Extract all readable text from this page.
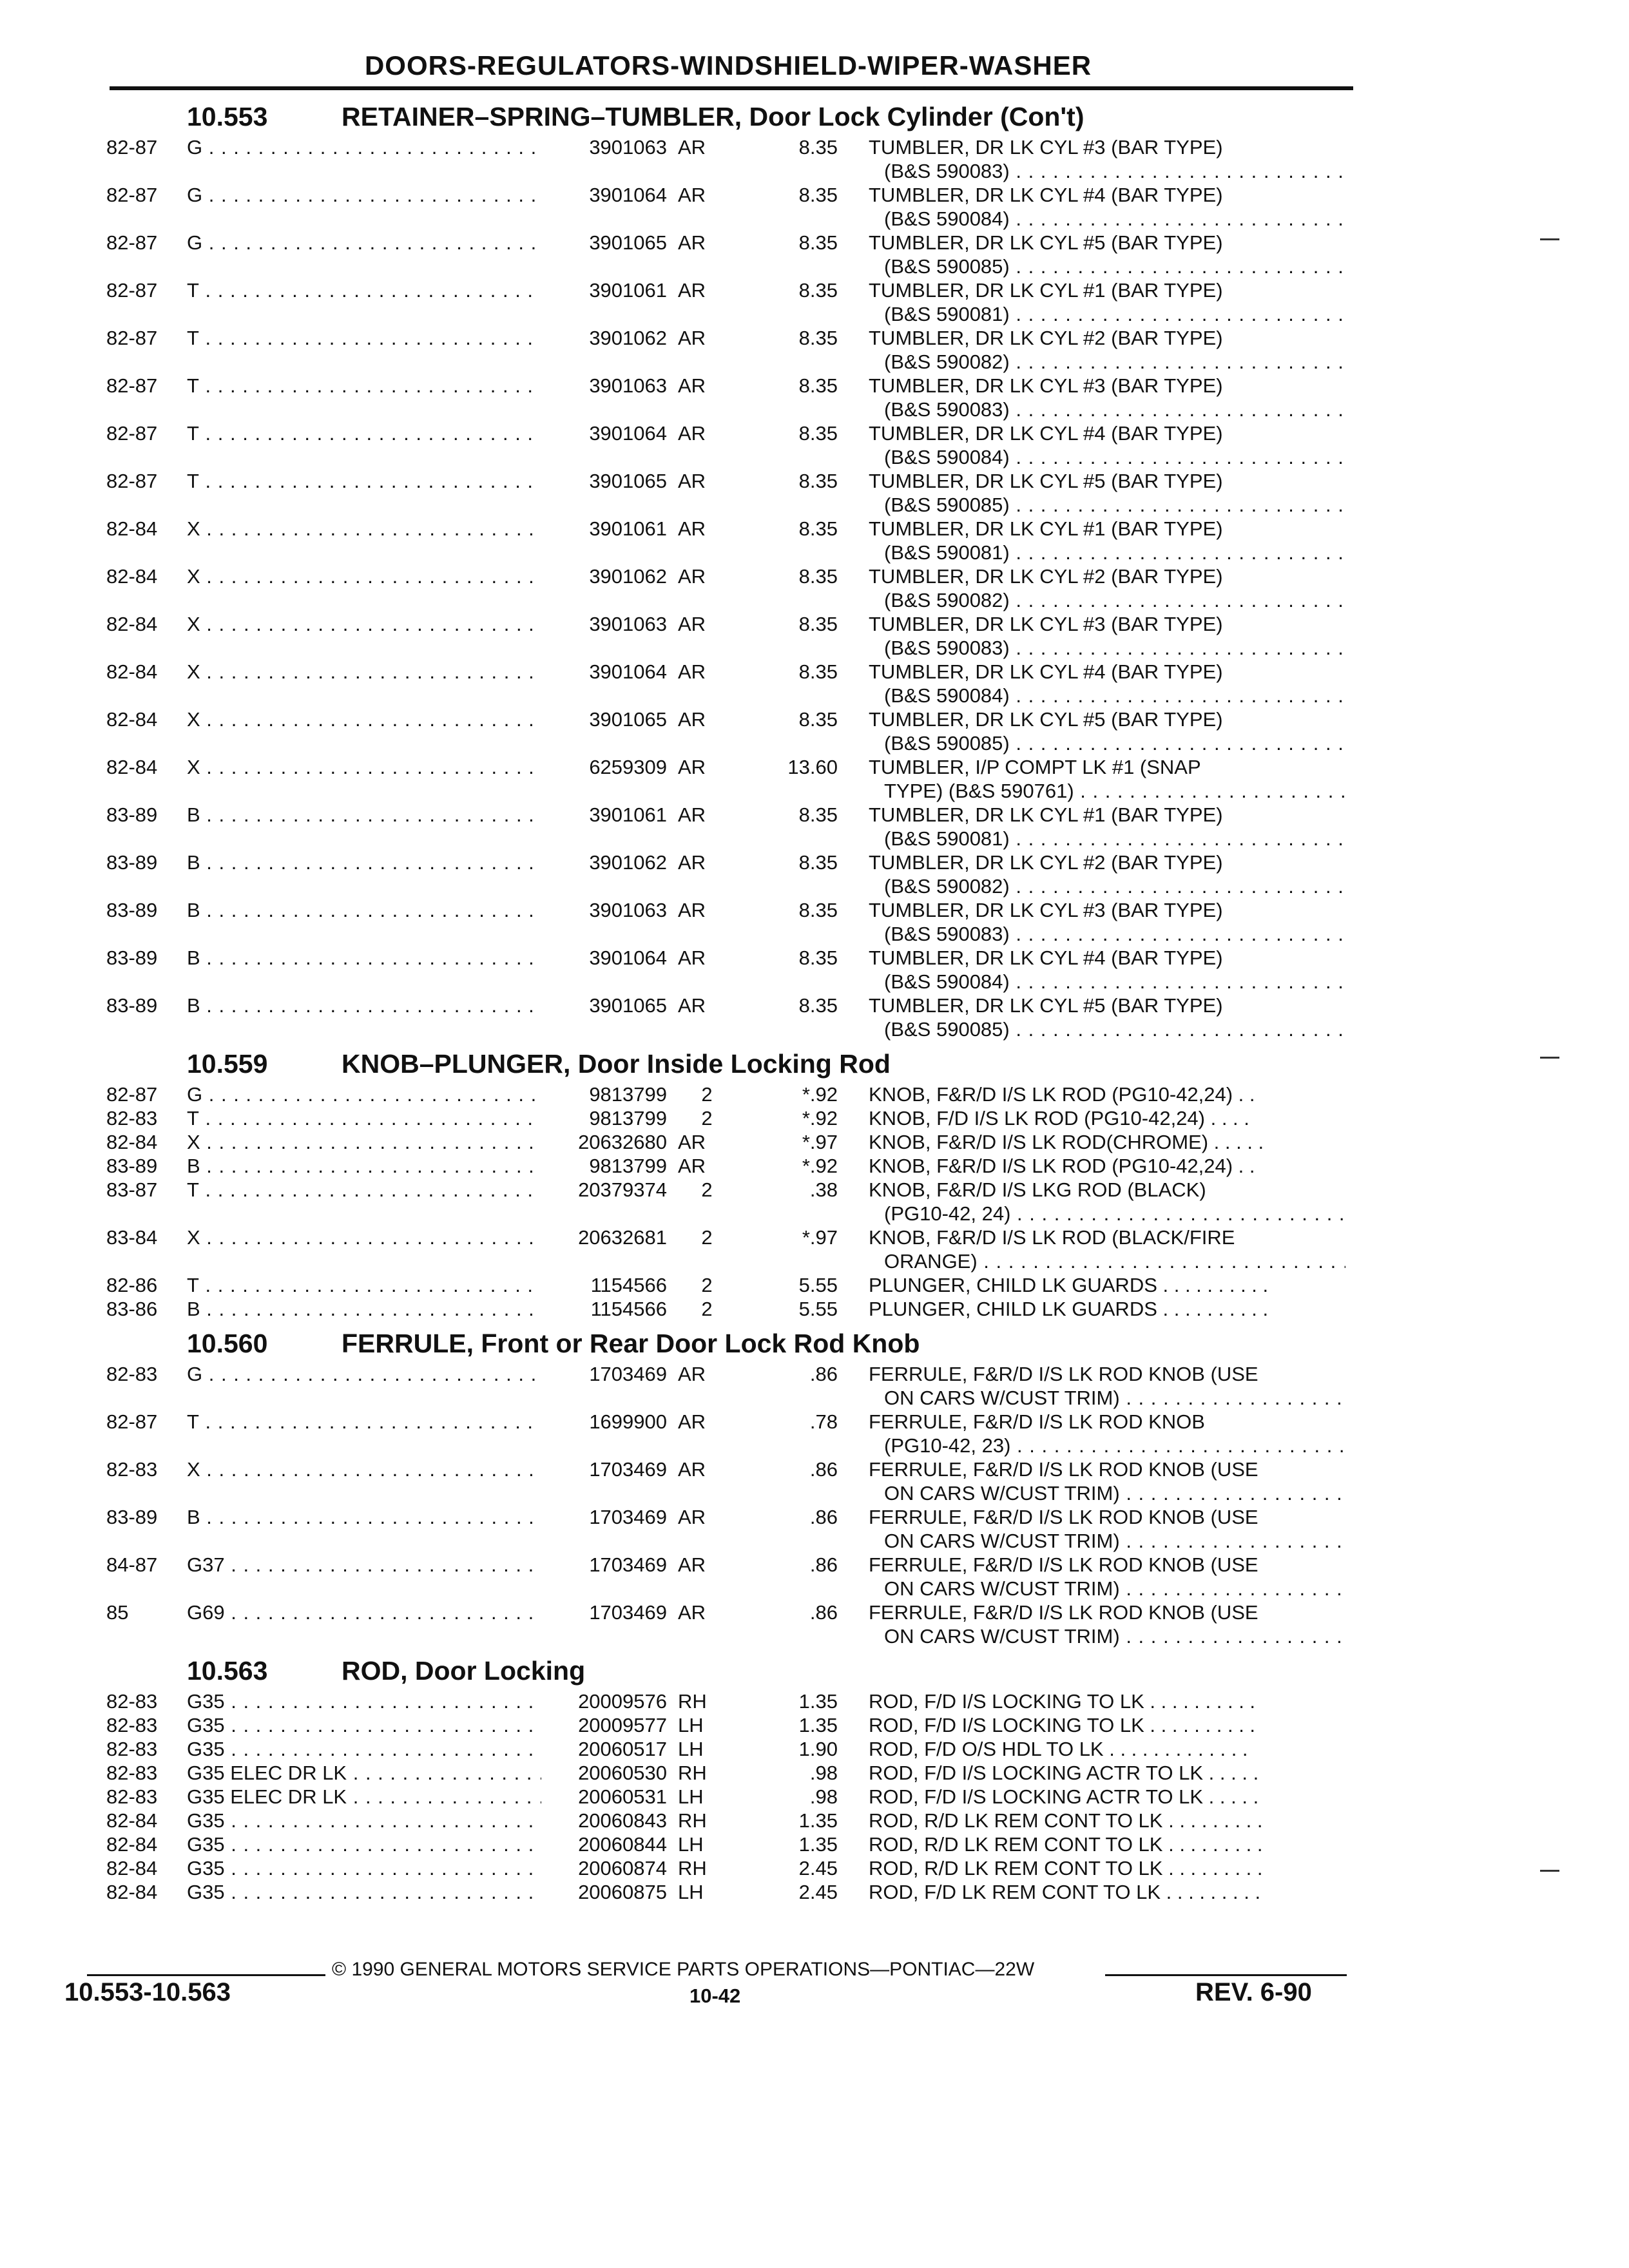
DOORS-REGULATORS-WINDSHIELD-WIPER-WASHER
10.553	RETAINER–SPRING–TUMBLER, Door Lock Cylinder (Con't)
82-87 G . . .	3901063 AR	8.35 TUMBLER, DR LK CYL #3 (BAR TYPE)
(B&S 590083) . . .
82-87 G . . .	3901064 AR	8.35 TUMBLER, DR LK CYL #4 (BAR TYPE)
(B&S 590084) . . .
82-87 G . . .	3901065 AR	8.35 TUMBLER, DR LK CYL #5 (BAR TYPE)
(B&S 590085) . . .
82-87 T . . .	3901061 AR	8.35 TUMBLER, DR LK CYL #1 (BAR TYPE)
(B&S 590081) . . .
82-87 T . . .	3901062 AR	8.35 TUMBLER, DR LK CYL #2 (BAR TYPE)
(B&S 590082) . . .
82-87 T . . .	3901063 AR	8.35 TUMBLER, DR LK CYL #3 (BAR TYPE)
(B&S 590083) . . .
82-87 T . . .	3901064 AR	8.35 TUMBLER, DR LK CYL #4 (BAR TYPE)
(B&S 590084) . . .
82-87 T . . .	3901065 AR	8.35 TUMBLER, DR LK CYL #5 (BAR TYPE)
(B&S 590085) . . .
82-84 X . . .	3901061 AR	8.35 TUMBLER, DR LK CYL #1 (BAR TYPE)
(B&S 590081) . . .
82-84 X . . .	3901062 AR	8.35 TUMBLER, DR LK CYL #2 (BAR TYPE)
(B&S 590082) . . .
82-84 X . . .	3901063 AR	8.35 TUMBLER, DR LK CYL #3 (BAR TYPE)
(B&S 590083) . . .
82-84 X . . .	3901064 AR	8.35 TUMBLER, DR LK CYL #4 (BAR TYPE)
(B&S 590084) . . .
82-84 X . . .	3901065 AR	8.35 TUMBLER, DR LK CYL #5 (BAR TYPE)
(B&S 590085) . . .
82-84 X . . .	6259309 AR	13.60 TUMBLER, I/P COMPT LK #1 (SNAP
TYPE) (B&S 590761) . . .
83-89 B . . .	3901061 AR	8.35 TUMBLER, DR LK CYL #1 (BAR TYPE)
(B&S 590081) . . .
83-89 B . . .	3901062 AR	8.35 TUMBLER, DR LK CYL #2 (BAR TYPE)
(B&S 590082) . . .
83-89 B . . .	3901063 AR	8.35 TUMBLER, DR LK CYL #3 (BAR TYPE)
(B&S 590083) . . .
83-89 B . . .	3901064 AR	8.35 TUMBLER, DR LK CYL #4 (BAR TYPE)
(B&S 590084) . . .
83-89 B . . .	3901065 AR	8.35 TUMBLER, DR LK CYL #5 (BAR TYPE)
(B&S 590085) . . .
10.559	KNOB–PLUNGER, Door Inside Locking Rod
82-87 G . . .	9813799	2	*.92 KNOB, F&R/D I/S LK ROD (PG10-42,24) . .
82-83 T . . .	9813799	2	*.92 KNOB, F/D I/S LK ROD (PG10-42,24) . . . .
82-84 X . . .	20632680 AR	*.97 KNOB, F&R/D I/S LK ROD(CHROME) . . . . .
83-89 B . . .	9813799 AR	*.92 KNOB, F&R/D I/S LK ROD (PG10-42,24) . .
83-87 T . . .	20379374	2	.38 KNOB, F&R/D I/S LKG ROD (BLACK)
(PG10-42, 24) . . .
83-84 X . . .	20632681	2	*.97 KNOB, F&R/D I/S LK ROD (BLACK/FIRE
ORANGE) . . .
82-86 T . . .	1154566	2	5.55 PLUNGER, CHILD LK GUARDS . . . . . . . . . .
83-86 B . . .	1154566	2	5.55 PLUNGER, CHILD LK GUARDS . . . . . . . . . .
10.560	FERRULE, Front or Rear Door Lock Rod Knob
82-83 G . . .	1703469 AR	.86 FERRULE, F&R/D I/S LK ROD KNOB (USE
ON CARS W/CUST TRIM) . . .
82-87 T . . .	1699900 AR	.78 FERRULE, F&R/D I/S LK ROD KNOB
(PG10-42, 23) . . .
82-83 X . . .	1703469 AR	.86 FERRULE, F&R/D I/S LK ROD KNOB (USE
ON CARS W/CUST TRIM) . . .
83-89 B . . .	1703469 AR	.86 FERRULE, F&R/D I/S LK ROD KNOB (USE
ON CARS W/CUST TRIM) . . .
84-87 G37 . . .	1703469 AR	.86 FERRULE, F&R/D I/S LK ROD KNOB (USE
ON CARS W/CUST TRIM) . . .
85	G69 . . .	1703469 AR	.86 FERRULE, F&R/D I/S LK ROD KNOB (USE
ON CARS W/CUST TRIM) . . .
10.563	ROD, Door Locking
82-83 G35 . . .	20009576 RH	1.35 ROD, F/D I/S LOCKING TO LK . . . . . . . . . .
82-83 G35 . . .	20009577 LH	1.35 ROD, F/D I/S LOCKING TO LK . . . . . . . . . .
82-83 G35 . . .	20060517 LH	1.90 ROD, F/D O/S HDL TO LK . . . . . . . . . . . . .
82-83 G35 ELEC DR LK . . .	20060530 RH	.98 ROD, F/D I/S LOCKING ACTR TO LK . . . . .
82-83 G35 ELEC DR LK . . .	20060531 LH	.98 ROD, F/D I/S LOCKING ACTR TO LK . . . . .
82-84 G35 . . .	20060843 RH	1.35 ROD, R/D LK REM CONT TO LK . . . . . . . . .
82-84 G35 . . .	20060844 LH	1.35 ROD, R/D LK REM CONT TO LK . . . . . . . . .
82-84 G35 . . .	20060874 RH	2.45 ROD, R/D LK REM CONT TO LK . . . . . . . . .
82-84 G35 . . .	20060875 LH	2.45 ROD, F/D LK REM CONT TO LK . . . . . . . . .
© 1990 GENERAL MOTORS SERVICE PARTS OPERATIONS—PONTIAC—22W
10.553-10.563	10-42	REV. 6-90
